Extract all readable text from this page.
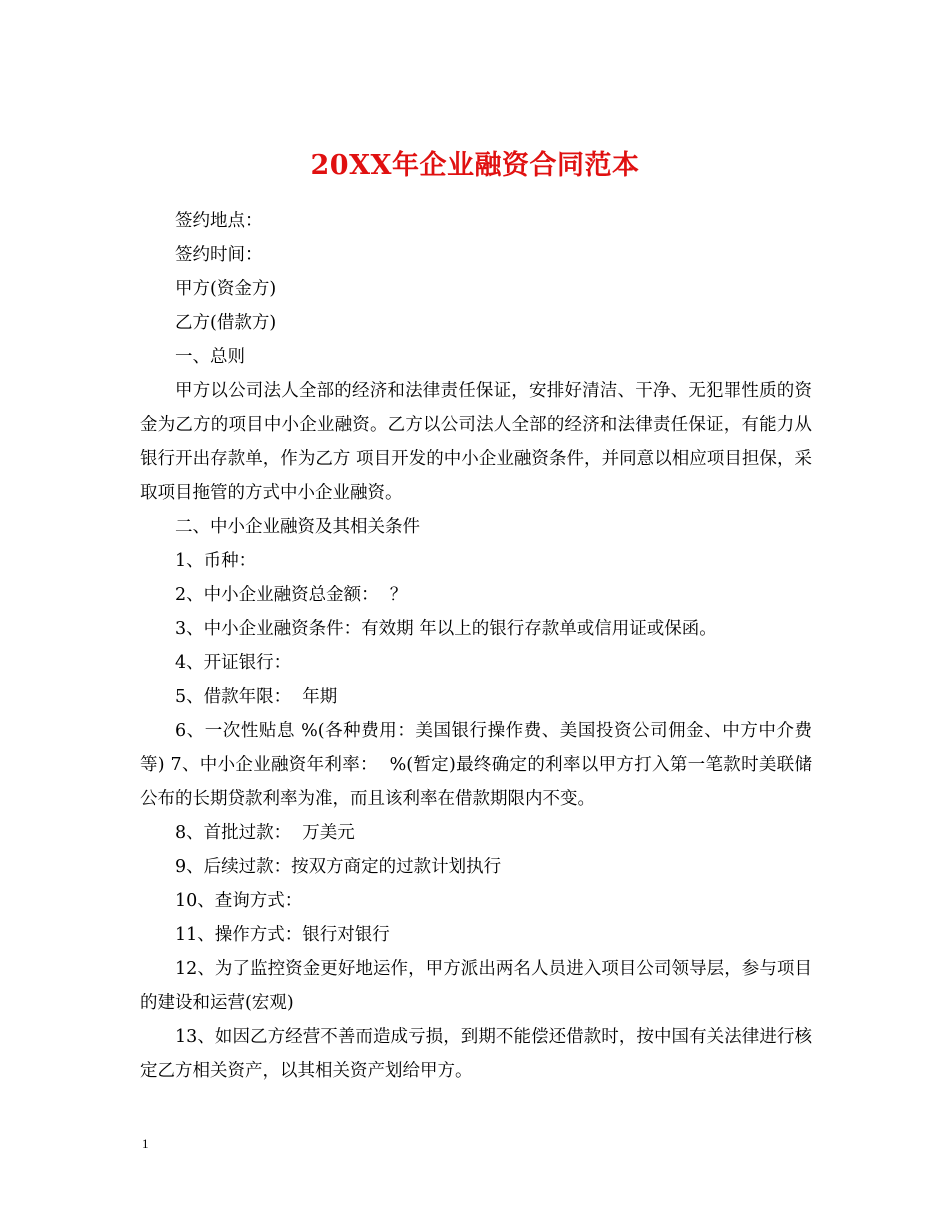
20XX年企业融资合同范本

签约地点：

签约时间：

甲方(资金方)

乙方(借款方)

一、总则

甲方以公司法人全部的经济和法律责任保证，安排好清洁、干净、无犯罪性质的资金为乙方的项目中小企业融资。乙方以公司法人全部的经济和法律责任保证，有能力从银行开出存款单，作为乙方 项目开发的中小企业融资条件，并同意以相应项目担保，采取项目拖管的方式中小企业融资。

二、中小企业融资及其相关条件

1、币种：

2、中小企业融资总金额：  ？

3、中小企业融资条件：有效期 年以上的银行存款单或信用证或保函。

4、开证银行：

5、借款年限：  年期

6、一次性贴息 %(各种费用：美国银行操作费、美国投资公司佣金、中方中介费等) 7、中小企业融资年利率：  %(暂定)最终确定的利率以甲方打入第一笔款时美联储公布的长期贷款利率为准，而且该利率在借款期限内不变。

8、首批过款：  万美元

9、后续过款：按双方商定的过款计划执行

10、查询方式：

11、操作方式：银行对银行

12、为了监控资金更好地运作，甲方派出两名人员进入项目公司领导层，参与项目的建设和运营(宏观)

13、如因乙方经营不善而造成亏损，到期不能偿还借款时，按中国有关法律进行核定乙方相关资产，以其相关资产划给甲方。

1
